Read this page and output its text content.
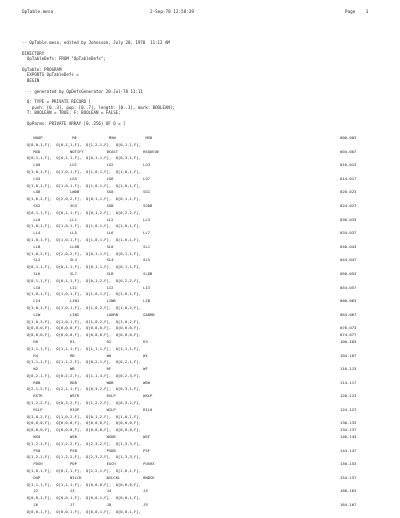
OpTable.mesa	2-Sep-78 12:58:39	Page    1
-- OpTable.mesa, edited by Johnsson, July 20, 1978  11:12 AM

DIRECTORY
OpTableDefs: FROM "OpTableDefs";

OpTable: PROGRAM
EXPORTS OpTableDefs =
BEGIN

-- generated by OpDefsGenerator 20-Jul-78 11:11

Q: TYPE = PRIVATE RECORD [
push: [0..3], pop: [0..7], length: [0..3], mark: BOOLEAN];
T: BOOLEAN = TRUE; F: BOOLEAN = FALSE;

OpParms: PRIVATE ARRAY [0..256) OF Q = [
NOOP             ME              MXW             MXD	000-003
Q[0,0,1,F],  Q[0,1,1,F],  Q[1,2,1,F],  Q[0,1,1,F],
MXD             NOTIFY          BCAST           REQUEUE	004-007
Q[0,1,1,F],  Q[0,1,1,F],  Q[0,1,1,F],  Q[0,3,1,F],
LG0             LG1             LG2             LG3	010-013
Q[1,0,1,F],  Q[1,0,1,F],  Q[1,0,1,F],  Q[1,0,1,F],
LG4             LG5             LG6             LG7	014-017
Q[1,0,1,F],  Q[1,0,1,F],  Q[1,0,1,F],  Q[1,0,1,F],
LGB             LWDB            SG0             SG1	020-023
Q[1,0,2,F],  Q[2,0,2,F],  Q[0,1,1,F],  Q[0,1,1,F],
SG2             SG3             SGB             SGDB	024-027
Q[0,1,1,F],  Q[0,1,1,F],  Q[0,1,2,F],  Q[0,2,2,F],
LL0             LL1             LL2             LL3	030-033
Q[1,0,1,F],  Q[1,0,1,F],  Q[1,0,1,F],  Q[1,0,1,F],
LL4             LL5             LL6             LL7	034-037
Q[1,0,1,F],  Q[1,0,1,F],  Q[1,0,1,F],  Q[1,0,1,F],
LLB             LLDB            SL0             SL1	040-043
Q[1,0,2,F],  Q[2,0,2,F],  Q[0,1,1,F],  Q[0,1,1,F],
SL2             SL3             SL4             SL5	044-047
Q[0,1,1,F],  Q[0,1,1,F],  Q[0,1,1,F],  Q[0,1,1,F],
SL6             SL7             SLB             SLDB	050-053
Q[0,1,1,F],  Q[0,1,1,F],  Q[0,1,2,F],  Q[0,2,2,F],
LI0             LI1             LI2             LI3	054-057
Q[1,0,1,F],  Q[1,0,1,F],  Q[1,0,1,F],  Q[1,0,1,F],
LI4             LIN1            LINB            LIB	060-063
Q[1,0,1,F],  Q[1,0,1,F],  Q[1,0,2,F],  Q[1,0,2,F],
LIW             LINI            LADRB           GADRB	064-067
Q[1,0,3,F],  Q[1,0,1,F],  Q[1,0,2,F],  Q[1,0,2,F],
Q[0,0,0,F],  Q[0,0,0,F],  Q[0,0,0,F],  Q[0,0,0,F],	070-073
Q[0,0,0,F],  Q[0,0,0,F],  Q[0,0,0,F],  Q[0,0,0,F],	074-077
R0              R1              R2              R3	100-103
Q[1,1,1,F],  Q[1,1,1,F],  Q[1,1,1,F],  Q[1,1,1,F],
R4              RB              W0              W1	104-107
Q[1,1,1,F],  Q[1,1,2,F],  Q[0,2,1,F],  Q[0,2,1,F],
W2              WB              RF              WF	110-113
Q[0,2,1,F],  Q[0,2,2,F],  Q[1,1,3,F],  Q[0,2,3,F],
RDB             RD0             WDB             WD0	114-117
Q[2,1,2,F],  Q[2,1,1,F],  Q[0,3,2,F],  Q[0,3,1,F],
RSTR            WSTR            RXLP            WXLP	120-123
Q[1,2,2,F],  Q[0,3,2,F],  Q[1,2,2,F],  Q[0,3,2,F],
RILP            RIGP            WILP            RIL0	124-127
Q[1,0,2,F],  Q[1,0,2,F],  Q[0,1,2,F],  Q[1,0,1,F],
Q[0,0,0,F],  Q[0,0,0,F],  Q[0,0,0,F],  Q[0,0,0,F],	130-133
Q[0,0,0,F],  Q[0,0,0,F],  Q[0,0,0,F],  Q[0,0,0,F],	134-137
WS0             WSB             WSDB            WSF	140-143
Q[1,2,1,F],  Q[1,2,2,F],  Q[2,3,2,F],  Q[1,3,3,F],
PS0             PSB             PSDB            PSF	144-147
Q[1,2,1,F],  Q[1,2,2,F],  Q[2,3,2,F],  Q[1,3,3,F],
PUSH            POP             EXCH            PUSHX	150-153
Q[1,0,1,F],  Q[0,1,1,F],  Q[2,2,1,F],  Q[1,0,1,F],
DUP             NILCK           NILCKL          BNDCK	154-157
Q[1,1,1,F],  Q[1,1,1,F],  Q[0,0,0,F],  Q[0,0,0,F],
J2              J3              J4              J5	160-163
Q[0,0,1,F],  Q[0,0,1,F],  Q[0,0,1,F],  Q[0,0,1,F],
J6              J7              J8              J9	164-167
Q[0,0,1,F],  Q[0,0,1,F],  Q[0,0,1,F],  Q[0,0,1,F],
